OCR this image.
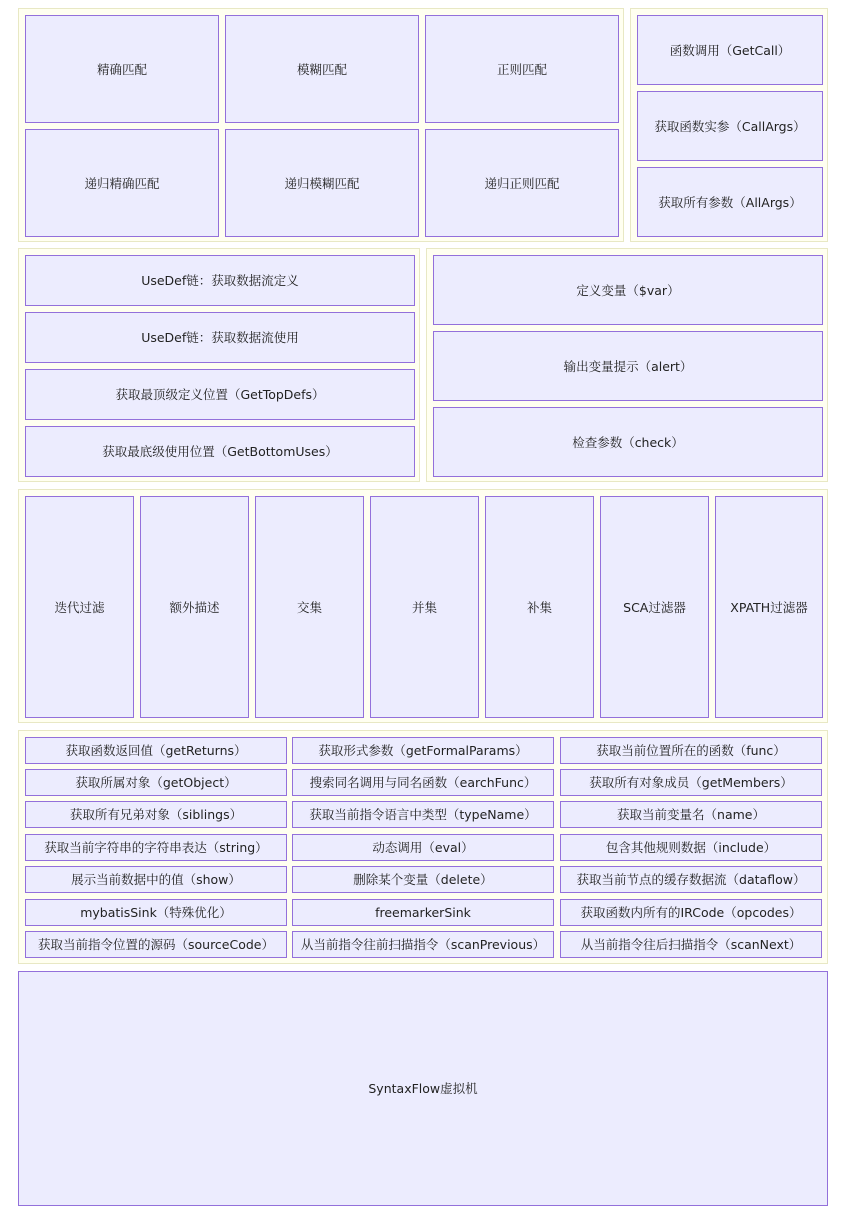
精确匹配	模糊匹配	正则匹配
递归精确匹配	递归模糊匹配	递归正则匹配
函数调用（GetCall）
获取函数实参（CallArgs）
获取所有参数（AllArgs）
UseDef链：获取数据流定义
UseDef链：获取数据流使用
获取最顶级定义位置（GetTopDefs）
获取最底级使用位置（GetBottomUses）
定义变量（$var）
输出变量提示（alert）
检查参数（check）
迭代过滤	额外描述	交集	并集	补集	SCA过滤器	XPATH过滤器
获取函数返回值（getReturns）	获取形式参数（getFormalParams）	获取当前位置所在的函数（func）
获取所属对象（getObject）	搜索同名调用与同名函数（earchFunc）	获取所有对象成员（getMembers）
获取所有兄弟对象（siblings）	获取当前指令语言中类型（typeName）	获取当前变量名（name）
获取当前字符串的字符串表达（string）	动态调用（eval）	包含其他规则数据（include）
展示当前数据中的值（show）	删除某个变量（delete）	获取当前节点的缓存数据流（dataflow）
mybatisSink（特殊优化）	freemarkerSink	获取函数内所有的IRCode（opcodes）
获取当前指令位置的源码（sourceCode）	从当前指令往前扫描指令（scanPrevious）	从当前指令往后扫描指令（scanNext）
SyntaxFlow虚拟机
